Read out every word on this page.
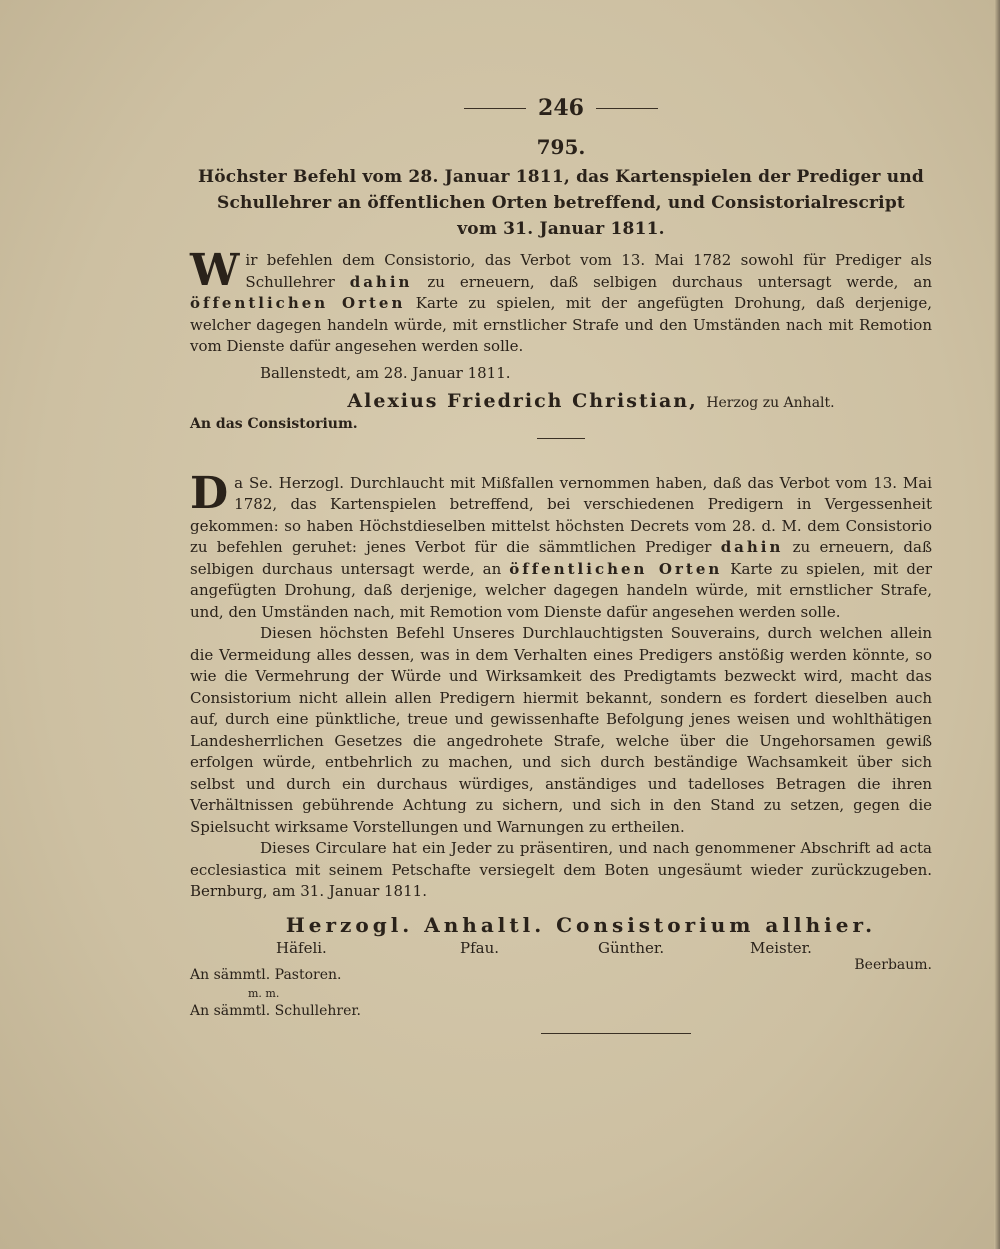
246
795.
Höchster Befehl vom 28. Januar 1811, das Kartenspielen der Prediger und
Schullehrer an öffentlichen Orten betreffend, und Consistorialrescript
vom 31. Januar 1811.

Wir befehlen dem Consistorio, das Verbot vom 13. Mai 1782 sowohl für Prediger als Schullehrer dahin zu erneuern, daß selbigen durchaus untersagt werde, an öffentlichen Orten Karte zu spielen, mit der angefügten Drohung, daß derjenige, welcher dagegen handeln würde, mit ernstlicher Strafe und den Umständen nach mit Remotion vom Dienste dafür angesehen werden solle.

Ballenstedt, am 28. Januar 1811.
Alexius Friedrich Christian, Herzog zu Anhalt.
An das Consistorium.

Da Se. Herzogl. Durchlaucht mit Mißfallen vernommen haben, daß das Verbot vom 13. Mai 1782, das Kartenspielen betreffend, bei verschiedenen Predigern in Vergessenheit gekommen: so haben Höchstdieselben mittelst höchsten Decrets vom 28. d. M. dem Consistorio zu befehlen geruhet: jenes Verbot für die sämmtlichen Prediger dahin zu erneuern, daß selbigen durchaus untersagt werde, an öffentlichen Orten Karte zu spielen, mit der angefügten Drohung, daß derjenige, welcher dagegen handeln würde, mit ernstlicher Strafe, und, den Umständen nach, mit Remotion vom Dienste dafür angesehen werden solle.

Diesen höchsten Befehl Unseres Durchlauchtigsten Souverains, durch welchen allein die Vermeidung alles dessen, was in dem Verhalten eines Predigers anstößig werden könnte, so wie die Vermehrung der Würde und Wirksamkeit des Predigtamts bezweckt wird, macht das Consistorium nicht allein allen Predigern hiermit bekannt, sondern es fordert dieselben auch auf, durch eine pünktliche, treue und gewissenhafte Befolgung jenes weisen und wohlthätigen Landesherrlichen Gesetzes die angedrohete Strafe, welche über die Ungehorsamen gewiß erfolgen würde, entbehrlich zu machen, und sich durch beständige Wachsamkeit über sich selbst und durch ein durchaus würdiges, anständiges und tadelloses Betragen die ihren Verhältnissen gebührende Achtung zu sichern, und sich in den Stand zu setzen, gegen die Spielsucht wirksame Vorstellungen und Warnungen zu ertheilen.

Dieses Circulare hat ein Jeder zu präsentiren, und nach genommener Abschrift ad acta ecclesiastica mit seinem Petschafte versiegelt dem Boten ungesäumt wieder zurückzugeben. Bernburg, am 31. Januar 1811.

Herzogl. Anhaltl. Consistorium allhier.
Häfeli.	Pfau.	Günther.	Meister.
An sämmtl. Pastoren.
Beerbaum.
m. m.
An sämmtl. Schullehrer.
